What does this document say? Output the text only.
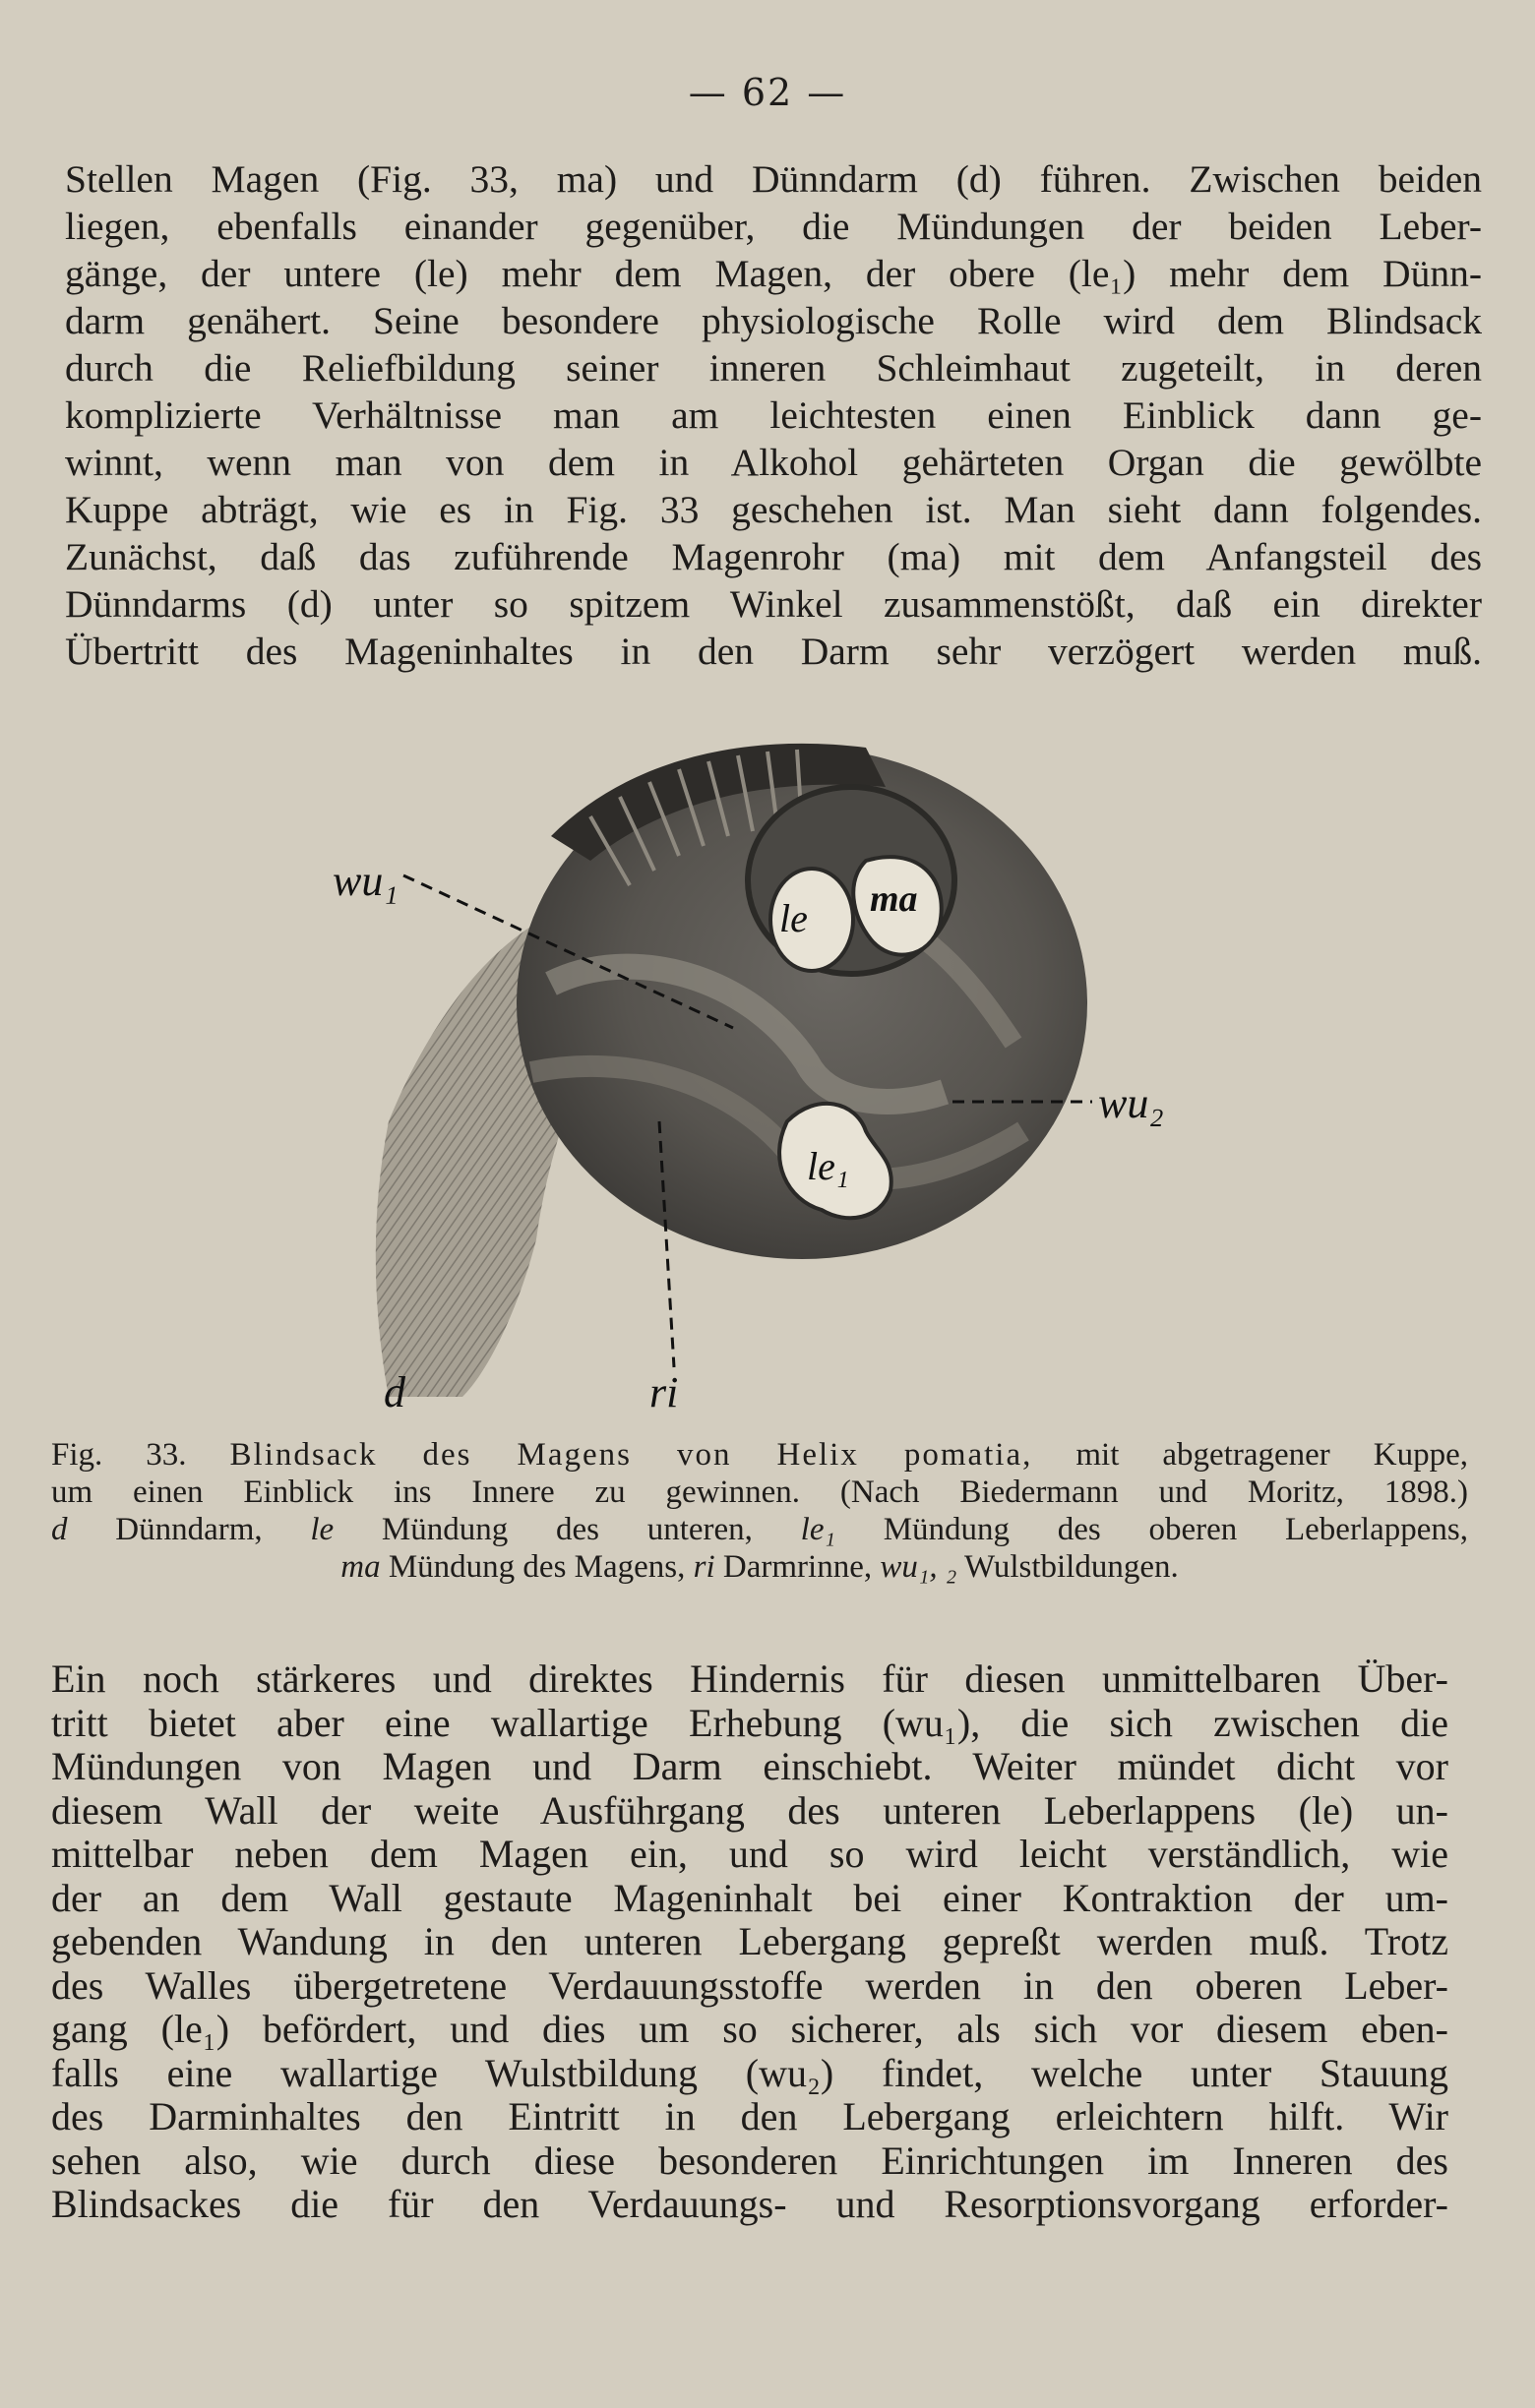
— 62 —

Stellen Magen (Fig. 33, ma) und Dünndarm (d) führen. Zwischen beiden
liegen, ebenfalls einander gegenüber, die Mündungen der beiden Leber-
gänge, der untere (le) mehr dem Magen, der obere (le₁) mehr dem Dünn-
darm genähert. Seine besondere physiologische Rolle wird dem Blindsack
durch die Reliefbildung seiner inneren Schleimhaut zugeteilt, in deren
komplizierte Verhältnisse man am leichtesten einen Einblick dann ge-
winnt, wenn man von dem in Alkohol gehärteten Organ die gewölbte
Kuppe abträgt, wie es in Fig. 33 geschehen ist. Man sieht dann folgendes.
Zunächst, daß das zuführende Magenrohr (ma) mit dem Anfangsteil des
Dünndarms (d) unter so spitzem Winkel zusammenstößt, daß ein direkter
Übertritt des Mageninhaltes in den Darm sehr verzögert werden muß.

wu₁
le ma
wu₂
le₁
d	ri
Fig. 33. Blindsack des Magens von Helix pomatia, mit abgetragener Kuppe,
um einen Einblick ins Innere zu gewinnen. (Nach Biedermann und Moritz, 1898.)
d Dünndarm, le Mündung des unteren, le₁ Mündung des oberen Leberlappens,
ma Mündung des Magens, ri Darmrinne, wu₁, ₂ Wulstbildungen.

Ein noch stärkeres und direktes Hindernis für diesen unmittelbaren Über-
tritt bietet aber eine wallartige Erhebung (wu₁), die sich zwischen die
Mündungen von Magen und Darm einschiebt. Weiter mündet dicht vor
diesem Wall der weite Ausführgang des unteren Leberlappens (le) un-
mittelbar neben dem Magen ein, und so wird leicht verständlich, wie
der an dem Wall gestaute Mageninhalt bei einer Kontraktion der um-
gebenden Wandung in den unteren Lebergang gepreßt werden muß. Trotz
des Walles übergetretene Verdauungsstoffe werden in den oberen Leber-
gang (le₁) befördert, und dies um so sicherer, als sich vor diesem eben-
falls eine wallartige Wulstbildung (wu₂) findet, welche unter Stauung
des Darminhaltes den Eintritt in den Lebergang erleichtern hilft. Wir
sehen also, wie durch diese besonderen Einrichtungen im Inneren des
Blindsackes die für den Verdauungs- und Resorptionsvorgang erforder-
